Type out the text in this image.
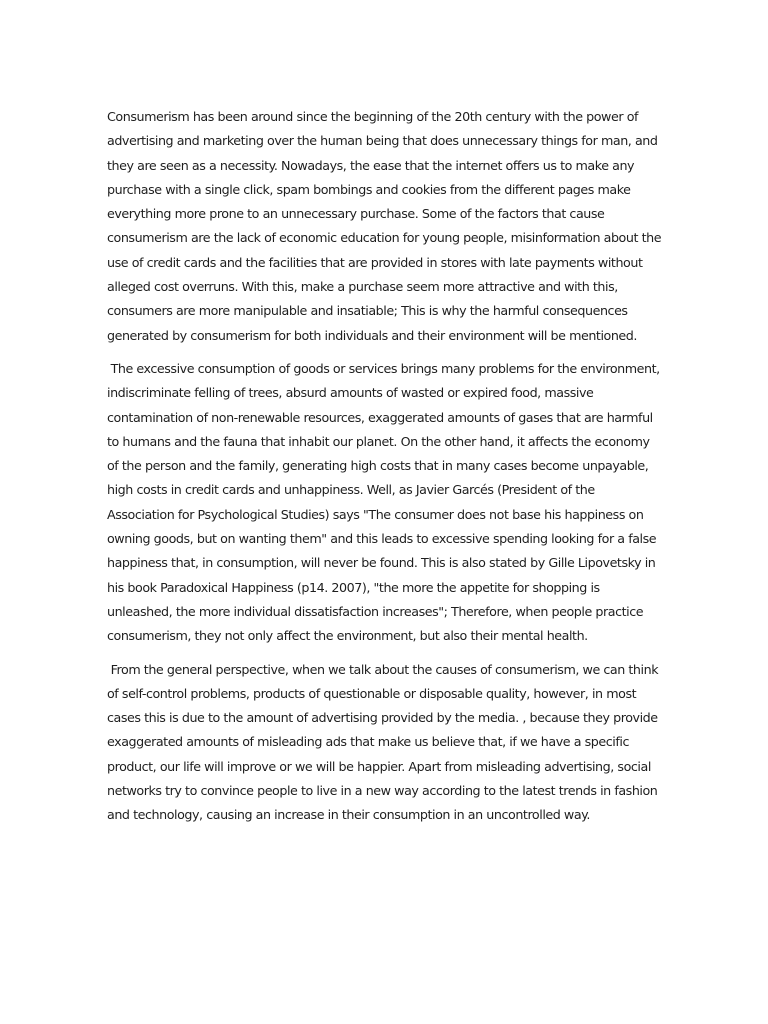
Consumerism has been around since the beginning of the 20th century with the power of advertising and marketing over the human being that does unnecessary things for man, and they are seen as a necessity. Nowadays, the ease that the internet offers us to make any purchase with a single click, spam bombings and cookies from the different pages make everything more prone to an unnecessary purchase. Some of the factors that cause consumerism are the lack of economic education for young people, misinformation about the use of credit cards and the facilities that are provided in stores with late payments without alleged cost overruns. With this, make a purchase seem more attractive and with this, consumers are more manipulable and insatiable; This is why the harmful consequences generated by consumerism for both individuals and their environment will be mentioned.

The excessive consumption of goods or services brings many problems for the environment, indiscriminate felling of trees, absurd amounts of wasted or expired food, massive contamination of non-renewable resources, exaggerated amounts of gases that are harmful to humans and the fauna that inhabit our planet. On the other hand, it affects the economy of the person and the family, generating high costs that in many cases become unpayable, high costs in credit cards and unhappiness. Well, as Javier Garcés (President of the Association for Psychological Studies) says "The consumer does not base his happiness on owning goods, but on wanting them" and this leads to excessive spending looking for a false happiness that, in consumption, will never be found. This is also stated by Gille Lipovetsky in his book Paradoxical Happiness (p14. 2007), "the more the appetite for shopping is unleashed, the more individual dissatisfaction increases"; Therefore, when people practice consumerism, they not only affect the environment, but also their mental health.

From the general perspective, when we talk about the causes of consumerism, we can think of self-control problems, products of questionable or disposable quality, however, in most cases this is due to the amount of advertising provided by the media. , because they provide exaggerated amounts of misleading ads that make us believe that, if we have a specific product, our life will improve or we will be happier. Apart from misleading advertising, social networks try to convince people to live in a new way according to the latest trends in fashion and technology, causing an increase in their consumption in an uncontrolled way.
